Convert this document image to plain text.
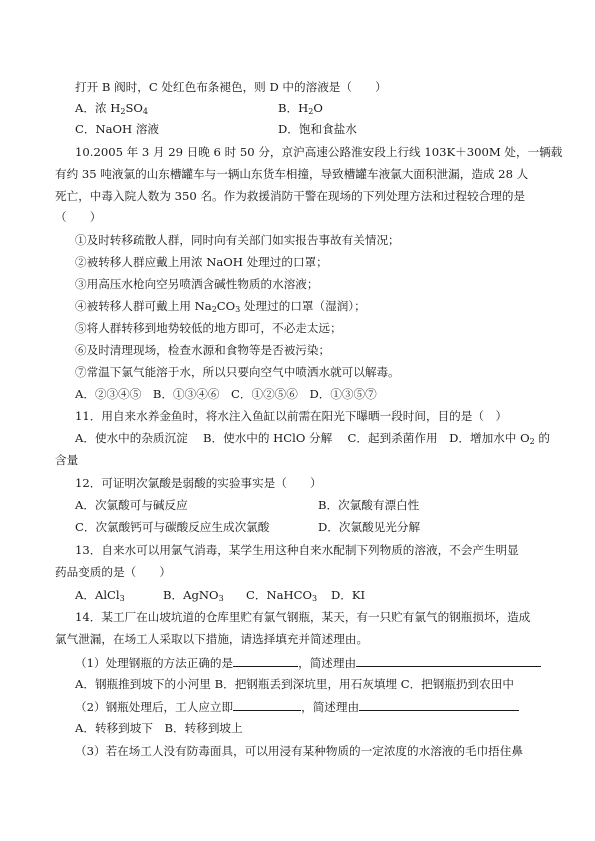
打开 B 阀时，C 处红色布条褪色，则 D 中的溶液是（　　）
A．浓 $H_2SO_4$	B．$H_2O$
C．NaOH 溶液	D．饱和食盐水
10.2005 年 3 月 29 日晚 6 时 50 分，京沪高速公路淮安段上行线 103K＋300M 处，一辆载
有约 35 吨液氯的山东槽罐车与一辆山东货车相撞，导致槽罐车液氯大面积泄漏，造成 28 人
死亡，中毒入院人数为 350 名。作为救援消防干警在现场的下列处理方法和过程较合理的是
（　　）
①及时转移疏散人群，同时向有关部门如实报告事故有关情况；
②被转移人群应戴上用浓 NaOH 处理过的口罩；
③用高压水枪向空另喷洒含碱性物质的水溶液；
④被转移人群可戴上用 $Na_2CO_3$ 处理过的口罩（湿润）；
⑤将人群转移到地势较低的地方即可，不必走太远；
⑥及时清理现场，检查水源和食物等是否被污染；
⑦常温下氯气能溶于水，所以只要向空气中喷洒水就可以解毒。
A．②③④⑤　B．①③④⑥　C．①②⑤⑥　D．①③⑤⑦
11．用自来水养金鱼时，将水注入鱼缸以前需在阳光下曝晒一段时间，目的是（　）
A．使水中的杂质沉淀　 B．使水中的 HClO 分解　 C．起到杀菌作用　D．增加水中 $O_2$ 的
含量
12．可证明次氯酸是弱酸的实验事实是（　　）
A．次氯酸可与碱反应	B．次氯酸有漂白性
C．次氯酸钙可与碳酸反应生成次氯酸	D．次氯酸见光分解
13．自来水可以用氯气消毒，某学生用这种自来水配制下列物质的溶液，不会产生明显
药品变质的是（　　）
A．AlCl$_3$	B．AgNO$_3$ C．NaHCO$_3$ D．KI
14．某工厂在山坡坑道的仓库里贮有氯气钢瓶，某天，有一只贮有氯气的钢瓶损坏，造成
氯气泄漏，在场工人采取以下措施，请选择填充并简述理由。
（1）处理钢瓶的方法正确的是	，简述理由
A．钢瓶推到坡下的小河里 B．把钢瓶丢到深坑里，用石灰填埋 C．把钢瓶扔到农田中
（2）钢瓶处理后，工人应立即	，简述理由
A．转移到坡下　B．转移到坡上
（3）若在场工人没有防毒面具，可以用浸有某种物质的一定浓度的水溶液的毛巾捂住鼻
